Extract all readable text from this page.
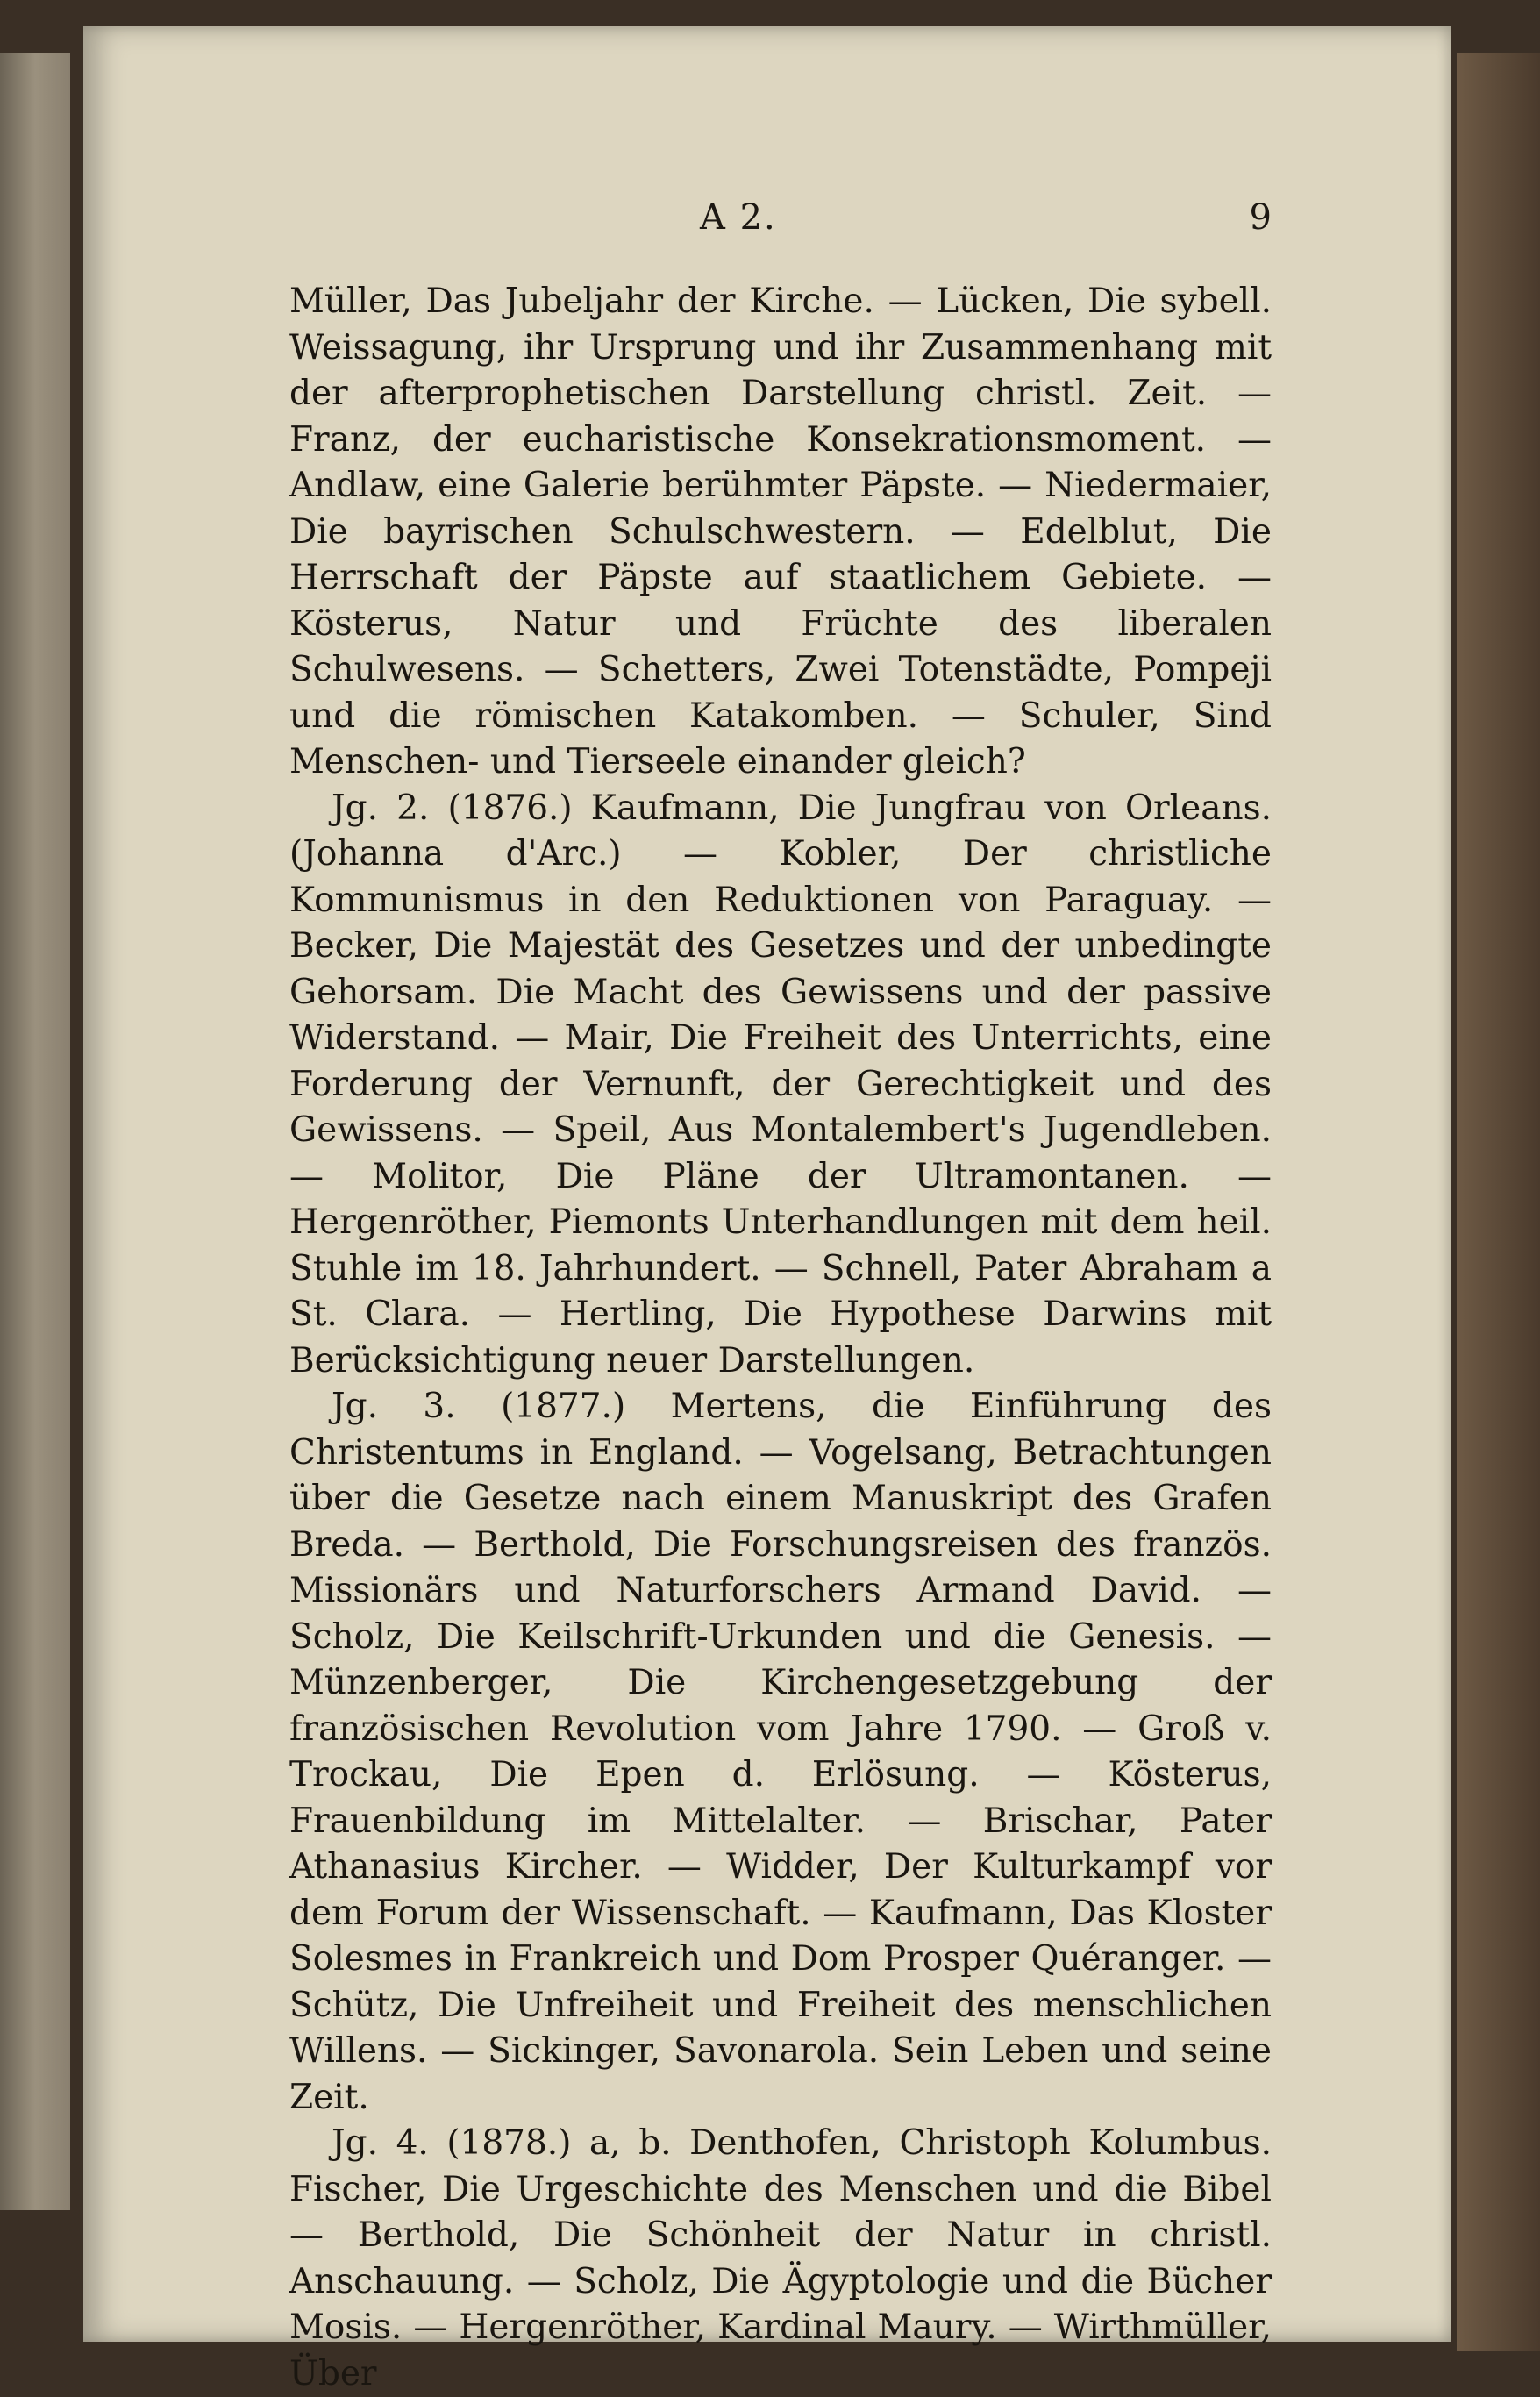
A 2.	9

Müller, Das Jubeljahr der Kirche. — Lücken, Die sybell. Weissagung, ihr Ursprung und ihr Zusammenhang mit der afterprophetischen Darstellung christl. Zeit. — Franz, der eucharistische Konsekrationsmoment. — Andlaw, eine Galerie berühmter Päpste. — Niedermaier, Die bayrischen Schulschwestern. — Edelblut, Die Herrschaft der Päpste auf staatlichem Gebiete. — Kösterus, Natur und Früchte des liberalen Schulwesens. — Schetters, Zwei Totenstädte, Pompeji und die römischen Katakomben. — Schuler, Sind Menschen- und Tierseele einander gleich?

Jg. 2. (1876.) Kaufmann, Die Jungfrau von Orleans. (Johanna d'Arc.) — Kobler, Der christliche Kommunismus in den Reduktionen von Paraguay. — Becker, Die Majestät des Gesetzes und der unbedingte Gehorsam. Die Macht des Gewissens und der passive Widerstand. — Mair, Die Freiheit des Unterrichts, eine Forderung der Vernunft, der Gerechtigkeit und des Gewissens. — Speil, Aus Montalembert's Jugendleben. — Molitor, Die Pläne der Ultramontanen. — Hergenröther, Piemonts Unterhandlungen mit dem heil. Stuhle im 18. Jahrhundert. — Schnell, Pater Abraham a St. Clara. — Hertling, Die Hypothese Darwins mit Berücksichtigung neuer Darstellungen.

Jg. 3. (1877.) Mertens, die Einführung des Christentums in England. — Vogelsang, Betrachtungen über die Gesetze nach einem Manuskript des Grafen Breda. — Berthold, Die Forschungsreisen des französ. Missionärs und Naturforschers Armand David. — Scholz, Die Keilschrift-Urkunden und die Genesis. — Münzenberger, Die Kirchengesetzgebung der französischen Revolution vom Jahre 1790. — Groß v. Trockau, Die Epen d. Erlösung. — Kösterus, Frauenbildung im Mittelalter. — Brischar, Pater Athanasius Kircher. — Widder, Der Kulturkampf vor dem Forum der Wissenschaft. — Kaufmann, Das Kloster Solesmes in Frankreich und Dom Prosper Quéranger. — Schütz, Die Unfreiheit und Freiheit des menschlichen Willens. — Sickinger, Savonarola. Sein Leben und seine Zeit.

Jg. 4. (1878.) a, b. Denthofen, Christoph Kolumbus. Fischer, Die Urgeschichte des Menschen und die Bibel — Berthold, Die Schönheit der Natur in christl. Anschauung. — Scholz, Die Ägyptologie und die Bücher Mosis. — Hergenröther, Kardinal Maury. — Wirthmüller, Über
